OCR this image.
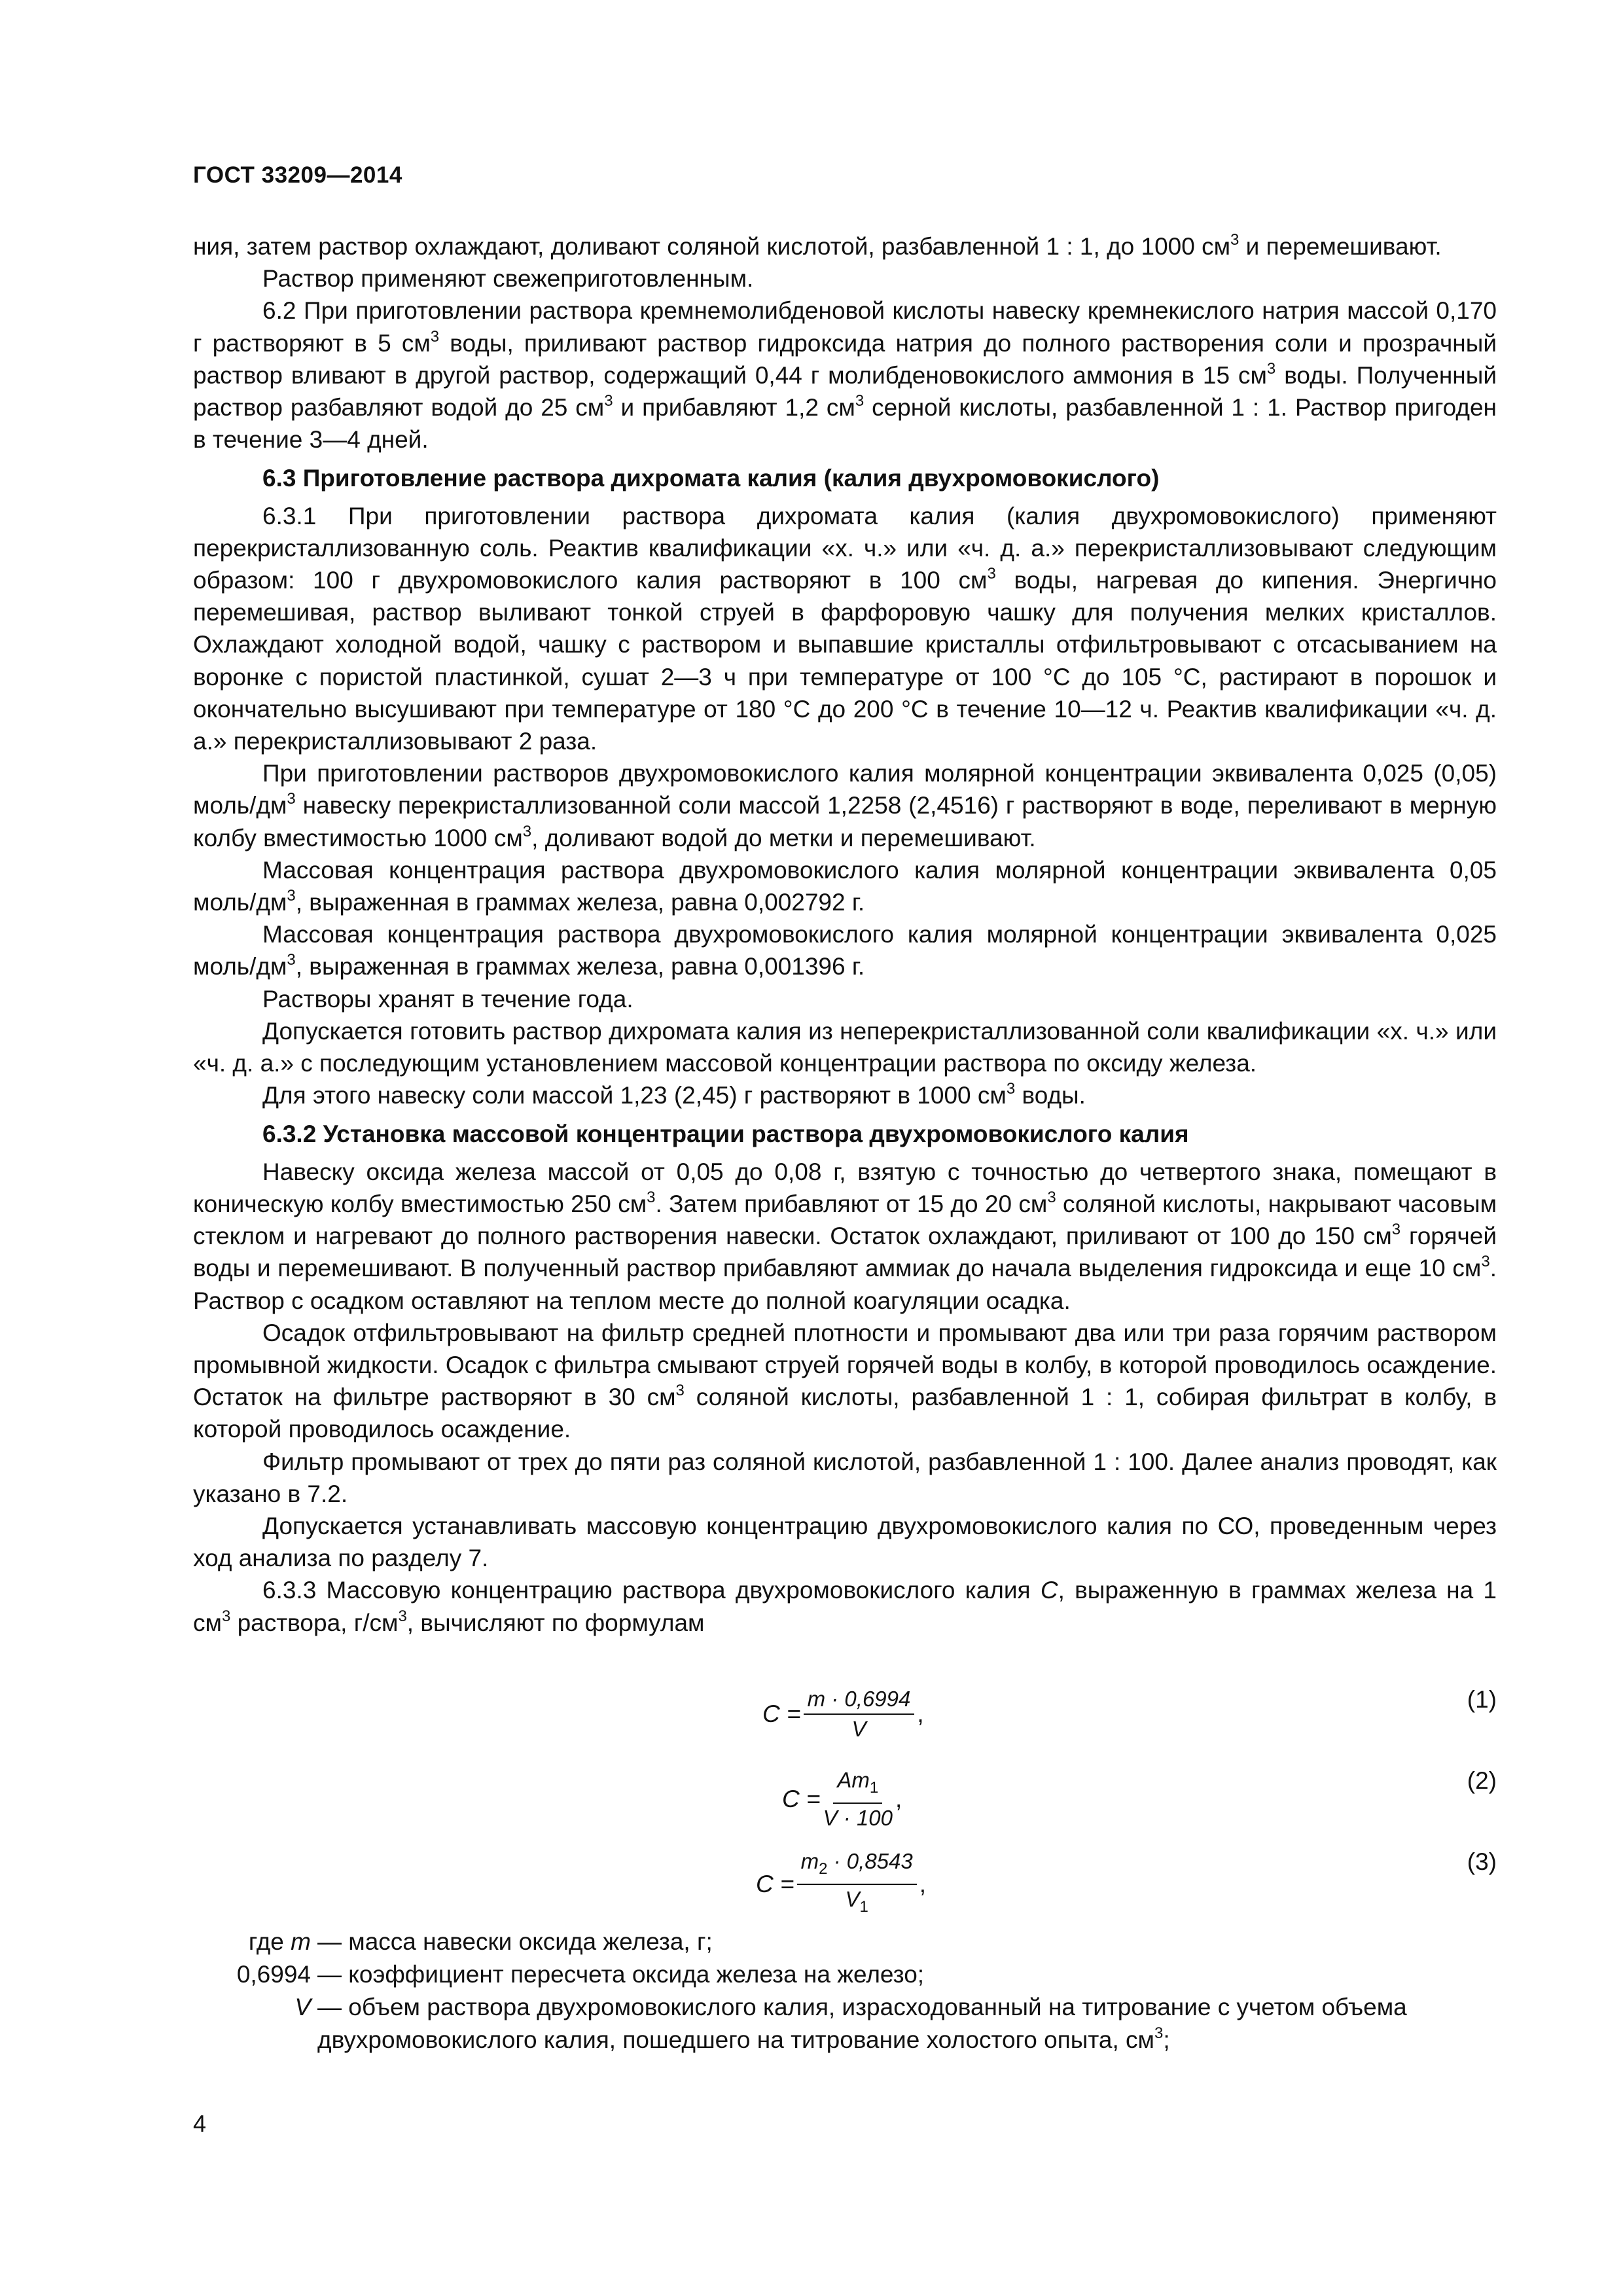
ГОСТ 33209—2014

ния, затем раствор охлаждают, доливают соляной кислотой, разбавленной 1 : 1, до 1000 $см^3$ и перемешивают.

Раствор применяют свежеприготовленным.

6.2 При приготовлении раствора кремнемолибденовой кислоты навеску кремнекислого натрия массой 0,170 г растворяют в 5 $см^3$ воды, приливают раствор гидроксида натрия до полного растворения соли и прозрачный раствор вливают в другой раствор, содержащий 0,44 г молибденовокислого аммония в 15 $см^3$ воды. Полученный раствор разбавляют водой до 25 $см^3$ и прибавляют 1,2 $см^3$ серной кислоты, разбавленной 1 : 1. Раствор пригоден в течение 3—4 дней.

6.3 Приготовление раствора дихромата калия (калия двухромовокислого)

6.3.1 При приготовлении раствора дихромата калия (калия двухромовокислого) применяют перекристаллизованную соль. Реактив квалификации «х. ч.» или «ч. д. а.» перекристаллизовывают следующим образом: 100 г двухромовокислого калия растворяют в 100 $см^3$ воды, нагревая до кипения. Энергично перемешивая, раствор выливают тонкой струей в фарфоровую чашку для получения мелких кристаллов. Охлаждают холодной водой, чашку с раствором и выпавшие кристаллы отфильтровывают с отсасыванием на воронке с пористой пластинкой, сушат 2—3 ч при температуре от 100 °С до 105 °С, растирают в порошок и окончательно высушивают при температуре от 180 °С до 200 °С в течение 10—12 ч. Реактив квалификации «ч. д. а.» перекристаллизовывают 2 раза.

При приготовлении растворов двухромовокислого калия молярной концентрации эквивалента 0,025 (0,05) моль/$дм^3$ навеску перекристаллизованной соли массой 1,2258 (2,4516) г растворяют в воде, переливают в мерную колбу вместимостью 1000 $см^3$, доливают водой до метки и перемешивают.

Массовая концентрация раствора двухромовокислого калия молярной концентрации эквивалента 0,05 моль/$дм^3$, выраженная в граммах железа, равна 0,002792 г.

Массовая концентрация раствора двухромовокислого калия молярной концентрации эквивалента 0,025 моль/$дм^3$, выраженная в граммах железа, равна 0,001396 г.

Растворы хранят в течение года.

Допускается готовить раствор дихромата калия из неперекристаллизованной соли квалификации «х. ч.» или «ч. д. а.» с последующим установлением массовой концентрации раствора по оксиду железа.

Для этого навеску соли массой 1,23 (2,45) г растворяют в 1000 $см^3$ воды.

6.3.2 Установка массовой концентрации раствора двухромовокислого калия

Навеску оксида железа массой от 0,05 до 0,08 г, взятую с точностью до четвертого знака, помещают в коническую колбу вместимостью 250 $см^3$. Затем прибавляют от 15 до 20 $см^3$ соляной кислоты, накрывают часовым стеклом и нагревают до полного растворения навески. Остаток охлаждают, приливают от 100 до 150 $см^3$ горячей воды и перемешивают. В полученный раствор прибавляют аммиак до начала выделения гидроксида и еще 10 $см^3$. Раствор с осадком оставляют на теплом месте до полной коагуляции осадка.

Осадок отфильтровывают на фильтр средней плотности и промывают два или три раза горячим раствором промывной жидкости. Осадок с фильтра смывают струей горячей воды в колбу, в которой проводилось осаждение. Остаток на фильтре растворяют в 30 $см^3$ соляной кислоты, разбавленной 1 : 1, собирая фильтрат в колбу, в которой проводилось осаждение.

Фильтр промывают от трех до пяти раз соляной кислотой, разбавленной 1 : 100. Далее анализ проводят, как указано в 7.2.

Допускается устанавливать массовую концентрацию двухромовокислого калия по СО, проведенным через ход анализа по разделу 7.

6.3.3 Массовую концентрацию раствора двухромовокислого калия С, выраженную в граммах железа на 1 $см^3$ раствора, $г/см^3$, вычисляют по формулам

$C = \frac{m \cdot 0,6994}{V}$ ,
(1)
$C = \frac{Am_1}{V \cdot 100}$ ,
(2)
$C = \frac{m_2 \cdot 0,8543}{V_1}$ ,
(3)
где m — масса навески оксида железа, г;
0,6994 — коэффициент пересчета оксида железа на железо;
V — объем раствора двухромовокислого калия, израсходованный на титрование с учетом объема двухромовокислого калия, пошедшего на титрование холостого опыта, $см^3$;
4
